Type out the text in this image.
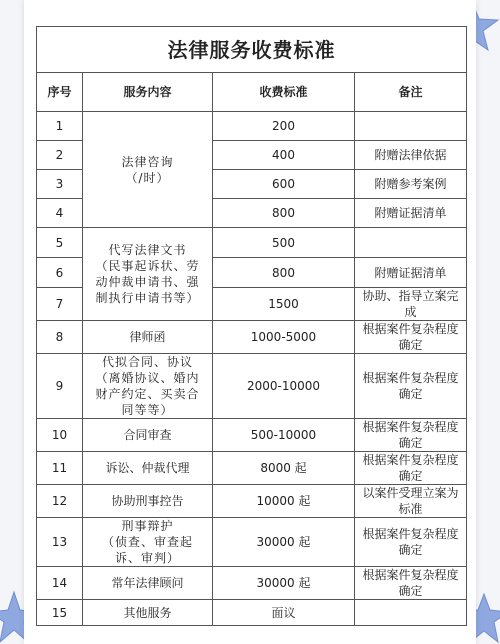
法律服务收费标准			
序号	服务内容	收费标准	备注
1	法律咨询
（/时）	200	
2		400	附赠法律依据
3		600	附赠参考案例
4		800	附赠证据清单
5	代写法律文书
（民事起诉状、劳
动仲裁申请书、强
制执行申请书等）	500	
6		800	附赠证据清单
7		1500	协助、指导立案完成
8	律师函	1000-5000	根据案件复杂程度确定
9	代拟合同、协议
（离婚协议、婚内
财产约定、买卖合
同等等）	2000-10000	根据案件复杂程度确定
10	合同审查	500-10000	根据案件复杂程度确定
11	诉讼、仲裁代理	8000 起	根据案件复杂程度确定
12	协助刑事控告	10000 起	以案件受理立案为标准
13	刑事辩护
（侦查、审查起
诉、审判）	30000 起	根据案件复杂程度确定
14	常年法律顾问	30000 起	根据案件复杂程度确定
15	其他服务	面议	
